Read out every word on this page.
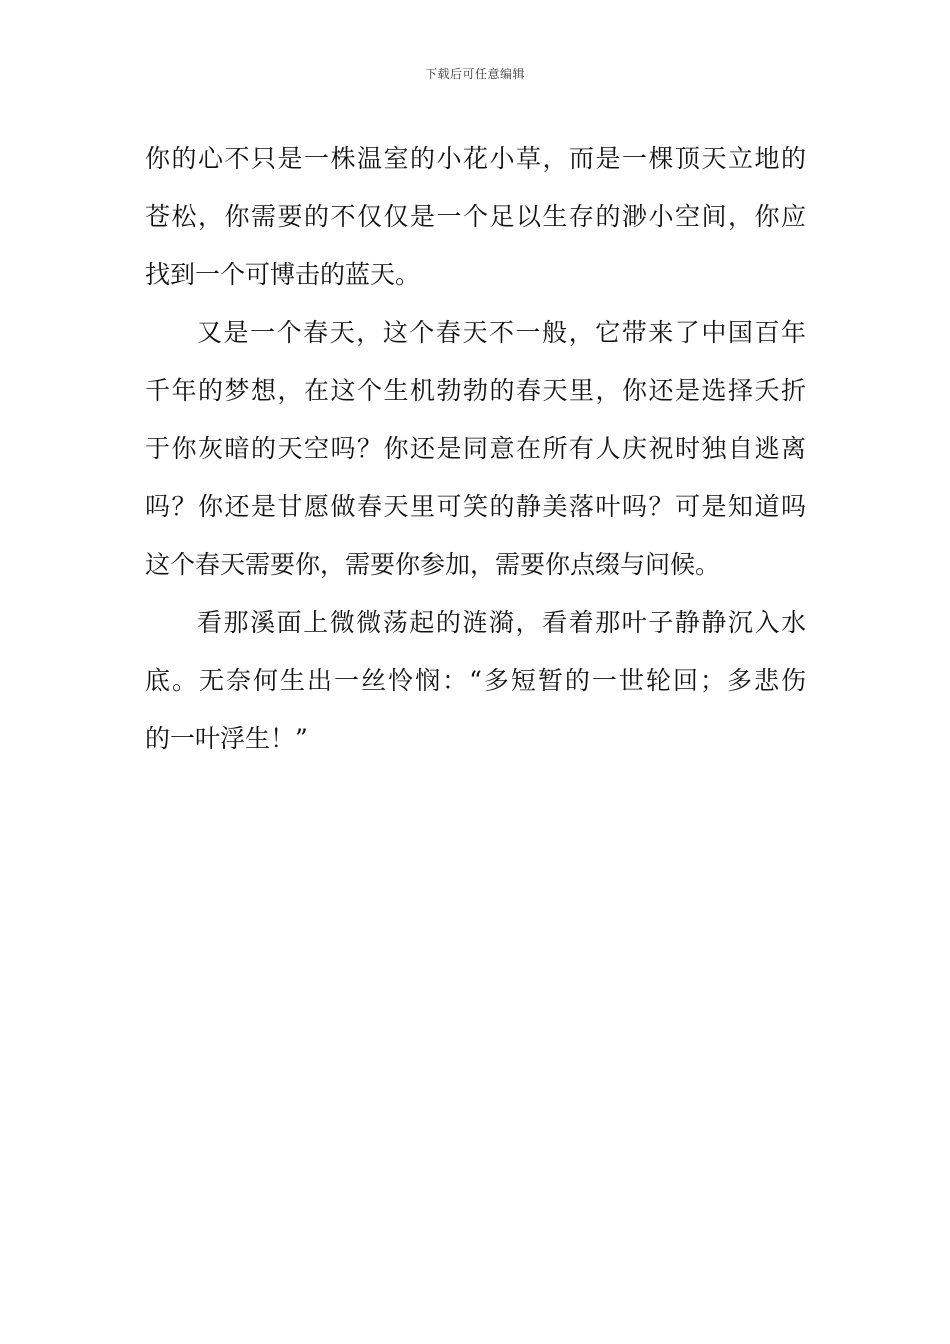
下载后可任意编辑
你的心不只是一株温室的小花小草，而是一棵顶天立地的
苍松，你需要的不仅仅是一个足以生存的渺小空间，你应
找到一个可博击的蓝天。
又是一个春天，这个春天不一般，它带来了中国百年
千年的梦想，在这个生机勃勃的春天里，你还是选择夭折
于你灰暗的天空吗？你还是同意在所有人庆祝时独自逃离
吗？你还是甘愿做春天里可笑的静美落叶吗？可是知道吗
这个春天需要你，需要你参加，需要你点缀与问候。
看那溪面上微微荡起的涟漪，看着那叶子静静沉入水
底。无奈何生出一丝怜悯：“多短暂的一世轮回；多悲伤
的一叶浮生！”
